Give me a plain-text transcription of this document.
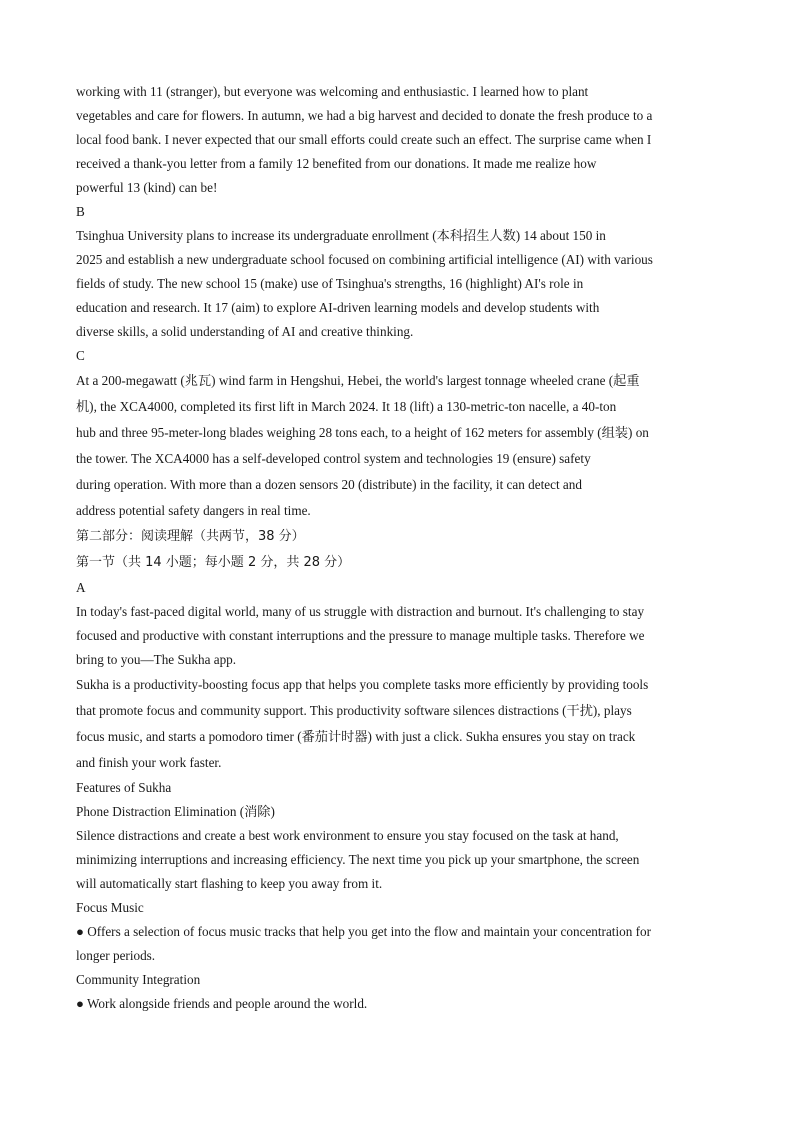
working with 11 (stranger), but everyone was welcoming and enthusiastic. I learned how to plant
vegetables and care for flowers. In autumn, we had a big harvest and decided to donate the fresh produce to a
local food bank. I never expected that our small efforts could create such an effect. The surprise came when I
received a thank-you letter from a family 12 benefited from our donations. It made me realize how
powerful 13 (kind) can be!
B
Tsinghua University plans to increase its undergraduate enrollment (本科招生人数) 14 about 150 in
2025 and establish a new undergraduate school focused on combining artificial intelligence (AI) with various
fields of study. The new school 15 (make) use of Tsinghua's strengths, 16 (highlight) AI's role in
education and research. It 17 (aim) to explore AI-driven learning models and develop students with
diverse skills, a solid understanding of AI and creative thinking.
C
At a 200-megawatt (兆瓦) wind farm in Hengshui, Hebei, the world's largest tonnage wheeled crane (起重
机), the XCA4000, completed its first lift in March 2024. It 18 (lift) a 130-metric-ton nacelle, a 40-ton
hub and three 95-meter-long blades weighing 28 tons each, to a height of 162 meters for assembly (组装) on
the tower. The XCA4000 has a self-developed control system and technologies 19 (ensure) safety
during operation. With more than a dozen sensors 20 (distribute) in the facility, it can detect and
address potential safety dangers in real time.
第二部分：阅读理解（共两节，38 分）
第一节（共 14 小题；每小题 2 分，共 28 分）
A
In today's fast-paced digital world, many of us struggle with distraction and burnout. It's challenging to stay
focused and productive with constant interruptions and the pressure to manage multiple tasks. Therefore we
bring to you—The Sukha app.
Sukha is a productivity-boosting focus app that helps you complete tasks more efficiently by providing tools
that promote focus and community support. This productivity software silences distractions (干扰), plays
focus music, and starts a pomodoro timer (番茄计时器) with just a click. Sukha ensures you stay on track
and finish your work faster.
Features of Sukha
Phone Distraction Elimination (消除)
Silence distractions and create a best work environment to ensure you stay focused on the task at hand,
minimizing interruptions and increasing efficiency. The next time you pick up your smartphone, the screen
will automatically start flashing to keep you away from it.
Focus Music
● Offers a selection of focus music tracks that help you get into the flow and maintain your concentration for
longer periods.
Community Integration
● Work alongside friends and people around the world.
